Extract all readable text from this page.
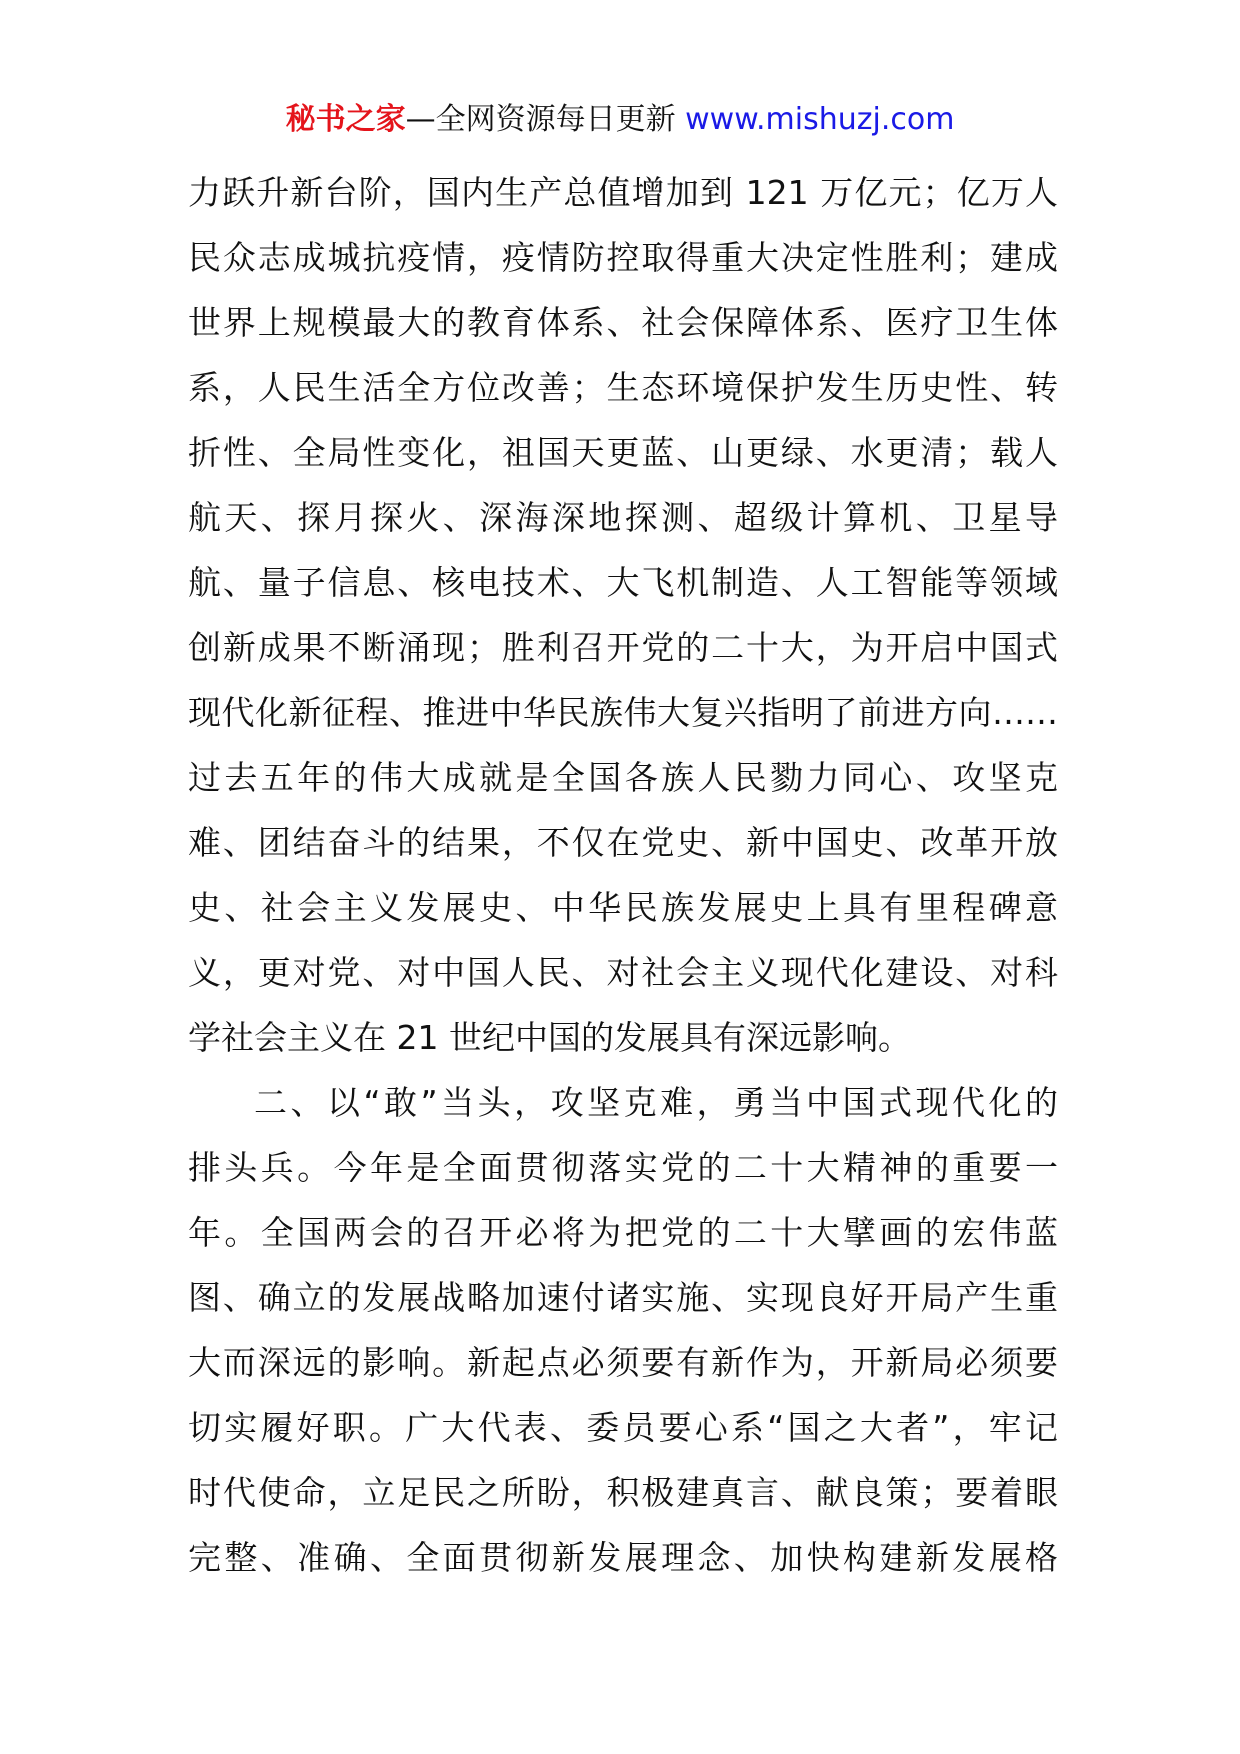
秘书之家—全网资源每日更新 www.mishuzj.com
力跃升新台阶，国内生产总值增加到 121 万亿元；亿万人
民众志成城抗疫情，疫情防控取得重大决定性胜利；建成
世界上规模最大的教育体系、社会保障体系、医疗卫生体
系，人民生活全方位改善；生态环境保护发生历史性、转
折性、全局性变化，祖国天更蓝、山更绿、水更清；载人
航天、探月探火、深海深地探测、超级计算机、卫星导
航、量子信息、核电技术、大飞机制造、人工智能等领域
创新成果不断涌现；胜利召开党的二十大，为开启中国式
现代化新征程、推进中华民族伟大复兴指明了前进方向……
过去五年的伟大成就是全国各族人民勠力同心、攻坚克
难、团结奋斗的结果，不仅在党史、新中国史、改革开放
史、社会主义发展史、中华民族发展史上具有里程碑意
义，更对党、对中国人民、对社会主义现代化建设、对科
学社会主义在 21 世纪中国的发展具有深远影响。
二、以“敢”当头，攻坚克难，勇当中国式现代化的
排头兵。今年是全面贯彻落实党的二十大精神的重要一
年。全国两会的召开必将为把党的二十大擘画的宏伟蓝
图、确立的发展战略加速付诸实施、实现良好开局产生重
大而深远的影响。新起点必须要有新作为，开新局必须要
切实履好职。广大代表、委员要心系“国之大者”，牢记
时代使命，立足民之所盼，积极建真言、献良策；要着眼
完整、准确、全面贯彻新发展理念、加快构建新发展格
